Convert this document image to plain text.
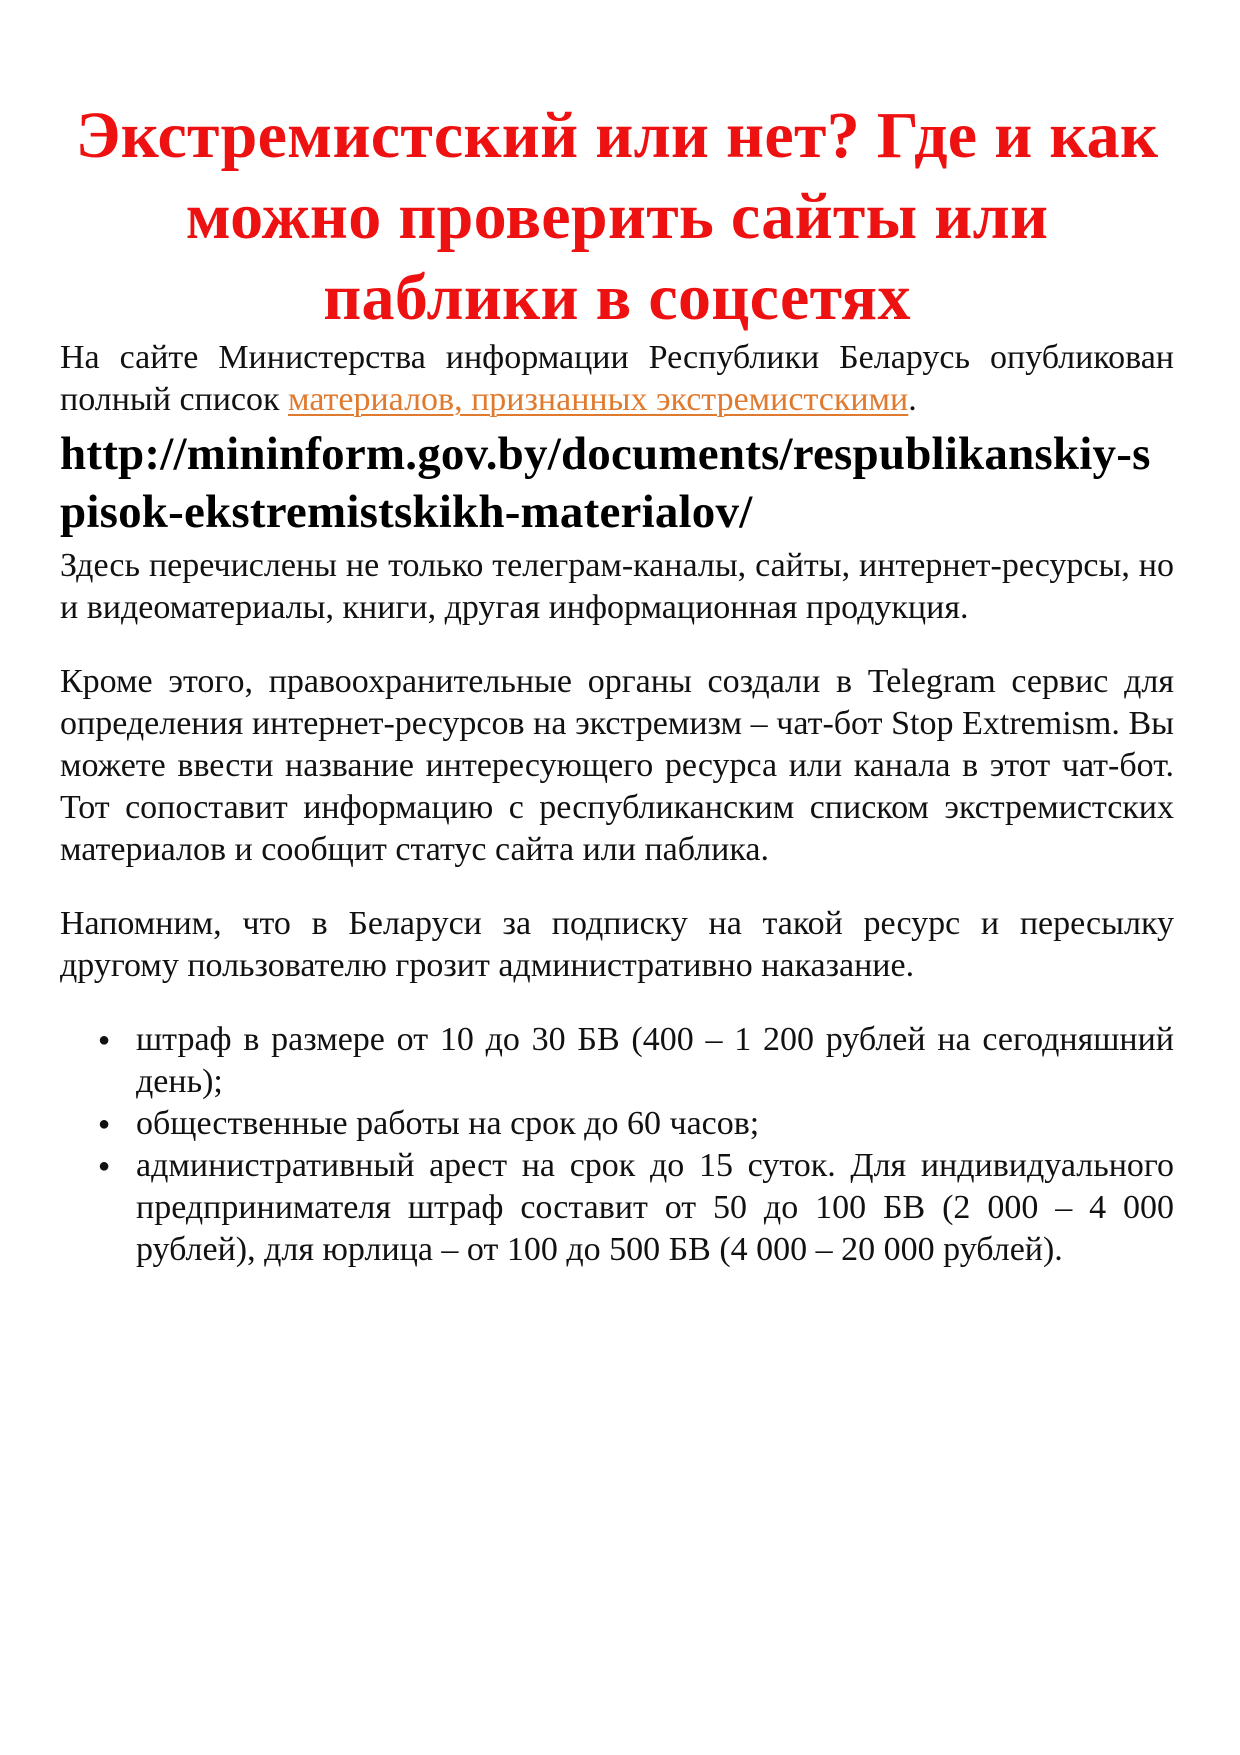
Экстремистский или нет? Где и как можно проверить сайты или паблики в соцсетях

На сайте Министерства информации Республики Беларусь опубликован полный список материалов, признанных экстремистскими.

http://mininform.gov.by/documents/respublikanskiy-spisok-ekstremistskikh-materialov/

Здесь перечислены не только телеграм-каналы, сайты, интернет-ресурсы, но и видеоматериалы, книги, другая информационная продукция.

Кроме этого, правоохранительные органы создали в Telegram сервис для определения интернет-ресурсов на экстремизм – чат-бот Stop Extremism. Вы можете ввести название интересующего ресурса или канала в этот чат-бот. Тот сопоставит информацию с республиканским списком экстремистских материалов и сообщит статус сайта или паблика.

Напомним, что в Беларуси за подписку на такой ресурс и пересылку другому пользователю грозит административно наказание.

● штраф в размере от 10 до 30 БВ (400 – 1 200 рублей на сегодняшний день);
● общественные работы на срок до 60 часов;
● административный арест на срок до 15 суток. Для индивидуального предпринимателя штраф составит от 50 до 100 БВ (2 000 – 4 000 рублей), для юрлица – от 100 до 500 БВ (4 000 – 20 000 рублей).
